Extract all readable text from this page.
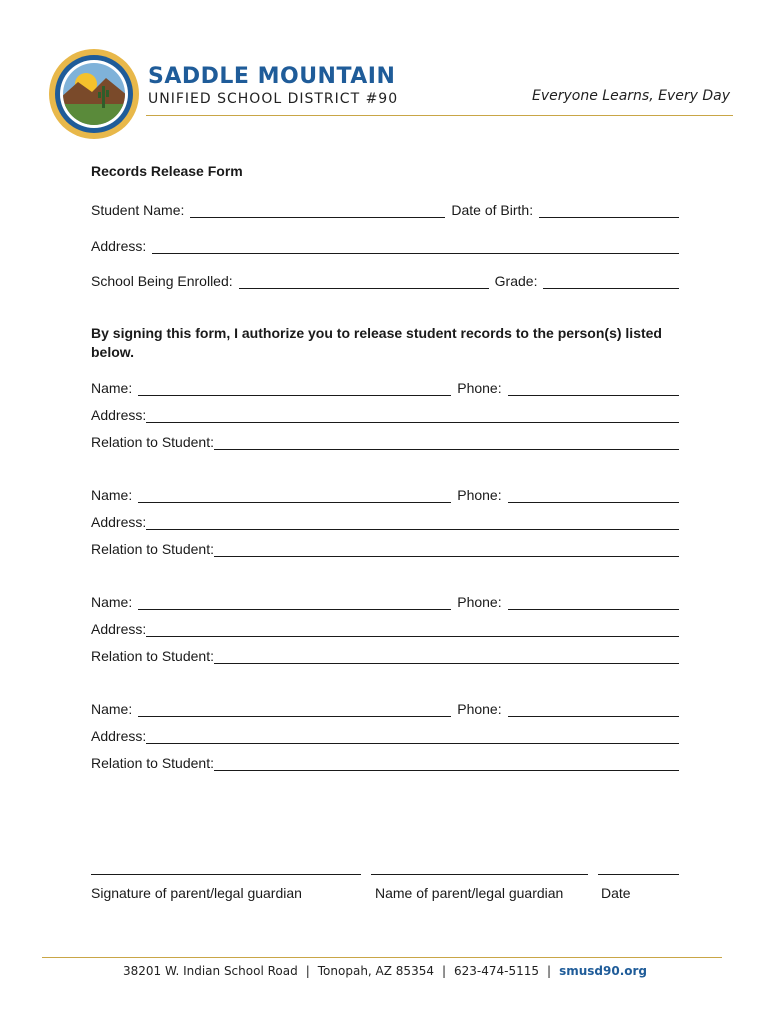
SADDLE MOUNTAIN
UNIFIED SCHOOL DISTRICT #90	Everyone Learns, Every Day
Records Release Form
Student Name:	Date of Birth:
Address:
School Being Enrolled:	Grade:
By signing this form, I authorize you to release student records to the person(s) listed below.
Name:	Phone:
Address:
Relation to Student:
Name:	Phone:
Address:
Relation to Student:
Name:	Phone:
Address:
Relation to Student:
Name:	Phone:
Address:
Relation to Student:
Signature of parent/legal guardian	Name of parent/legal guardian	Date
38201 W. Indian School Road | Tonopah, AZ 85354 | 623-474-5115 | smusd90.org
